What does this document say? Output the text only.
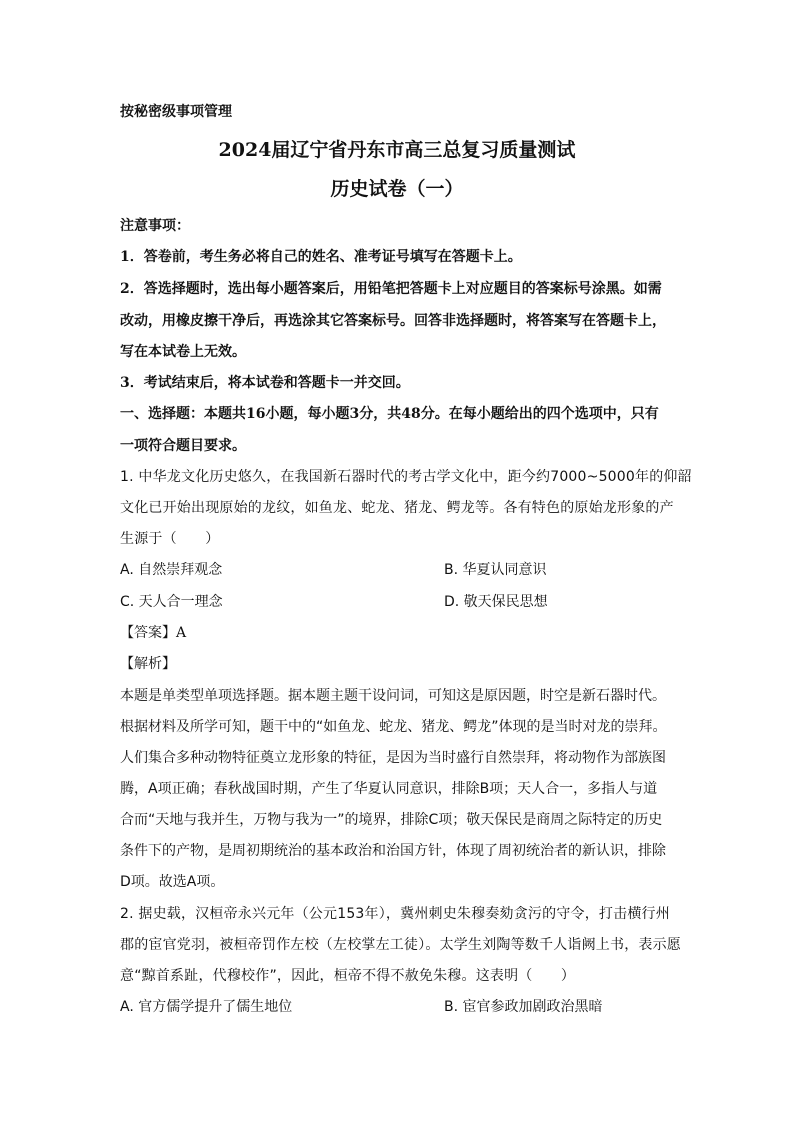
按秘密级事项管理
2024届辽宁省丹东市高三总复习质量测试
历史试卷（一）
注意事项：
1．答卷前，考生务必将自己的姓名、准考证号填写在答题卡上。
2．答选择题时，选出每小题答案后，用铅笔把答题卡上对应题目的答案标号涂黑。如需
改动，用橡皮擦干净后，再选涂其它答案标号。回答非选择题时，将答案写在答题卡上，
写在本试卷上无效。
3．考试结束后，将本试卷和答题卡一并交回。
一、选择题：本题共16小题，每小题3分，共48分。在每小题给出的四个选项中，只有
一项符合题目要求。
1. 中华龙文化历史悠久，在我国新石器时代的考古学文化中，距今约7000~5000年的仰韶
文化已开始出现原始的龙纹，如鱼龙、蛇龙、猪龙、鳄龙等。各有特色的原始龙形象的产
生源于（　　）
A. 自然崇拜观念	B. 华夏认同意识
C. 天人合一理念	D. 敬天保民思想
【答案】A
【解析】
本题是单类型单项选择题。据本题主题干设问词，可知这是原因题，时空是新石器时代。
根据材料及所学可知，题干中的“如鱼龙、蛇龙、猪龙、鳄龙”体现的是当时对龙的崇拜。
人们集合多种动物特征奠立龙形象的特征，是因为当时盛行自然崇拜，将动物作为部族图
腾，A项正确；春秋战国时期，产生了华夏认同意识，排除B项；天人合一，多指人与道
合而“天地与我并生，万物与我为一”的境界，排除C项；敬天保民是商周之际特定的历史
条件下的产物，是周初期统治的基本政治和治国方针，体现了周初统治者的新认识，排除
D项。故选A项。
2. 据史载，汉桓帝永兴元年（公元153年），冀州刺史朱穆奏劾贪污的守令，打击横行州
郡的宦官党羽，被桓帝罚作左校（左校掌左工徒）。太学生刘陶等数千人诣阙上书，表示愿
意“黥首系趾，代穆校作”，因此，桓帝不得不赦免朱穆。这表明（　　）
A. 官方儒学提升了儒生地位	B. 宦官参政加剧政治黑暗
